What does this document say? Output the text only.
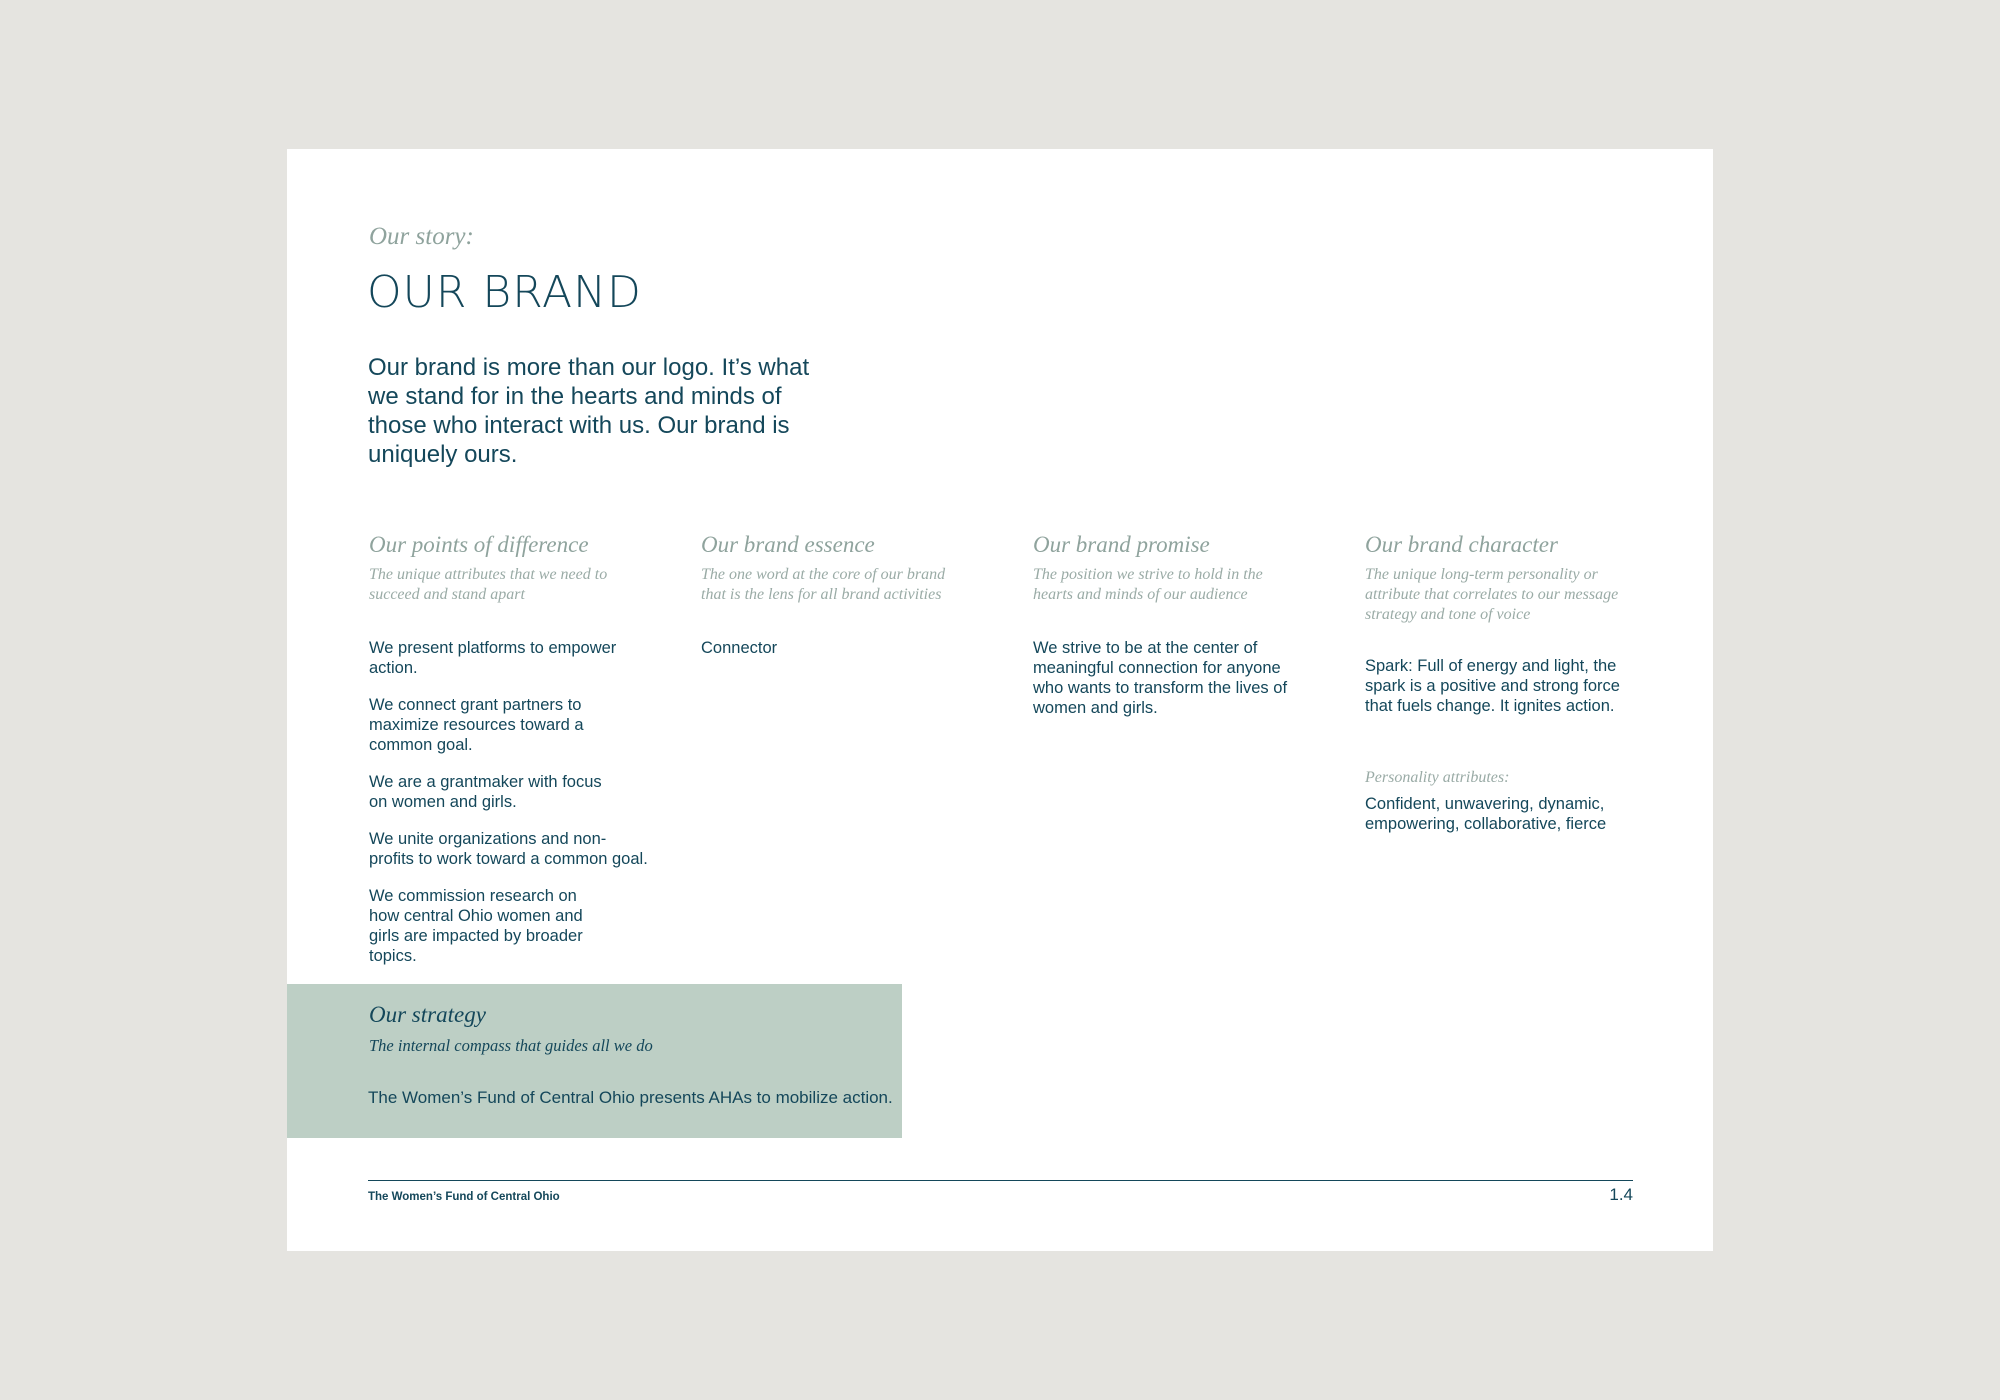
Our story:

OUR BRAND

Our brand is more than our logo. It’s what we stand for in the hearts and minds of those who interact with us. Our brand is uniquely ours.

Our points of difference

The unique attributes that we need to succeed and stand apart

We present platforms to empower action.

We connect grant partners to maximize resources toward a common goal.

We are a grantmaker with focus on women and girls.

We unite organizations and non-profits to work toward a common goal.

We commission research on how central Ohio women and girls are impacted by broader topics.

Our brand essence

The one word at the core of our brand that is the lens for all brand activities

Connector

Our brand promise

The position we strive to hold in the hearts and minds of our audience

We strive to be at the center of meaningful connection for anyone who wants to transform the lives of women and girls.

Our brand character

The unique long-term personality or attribute that correlates to our message strategy and tone of voice

Spark: Full of energy and light, the spark is a positive and strong force that fuels change. It ignites action.

Personality attributes:

Confident, unwavering, dynamic, empowering, collaborative, fierce

Our strategy

The internal compass that guides all we do

The Women’s Fund of Central Ohio presents AHAs to mobilize action.

The Women’s Fund of Central Ohio	1.4
